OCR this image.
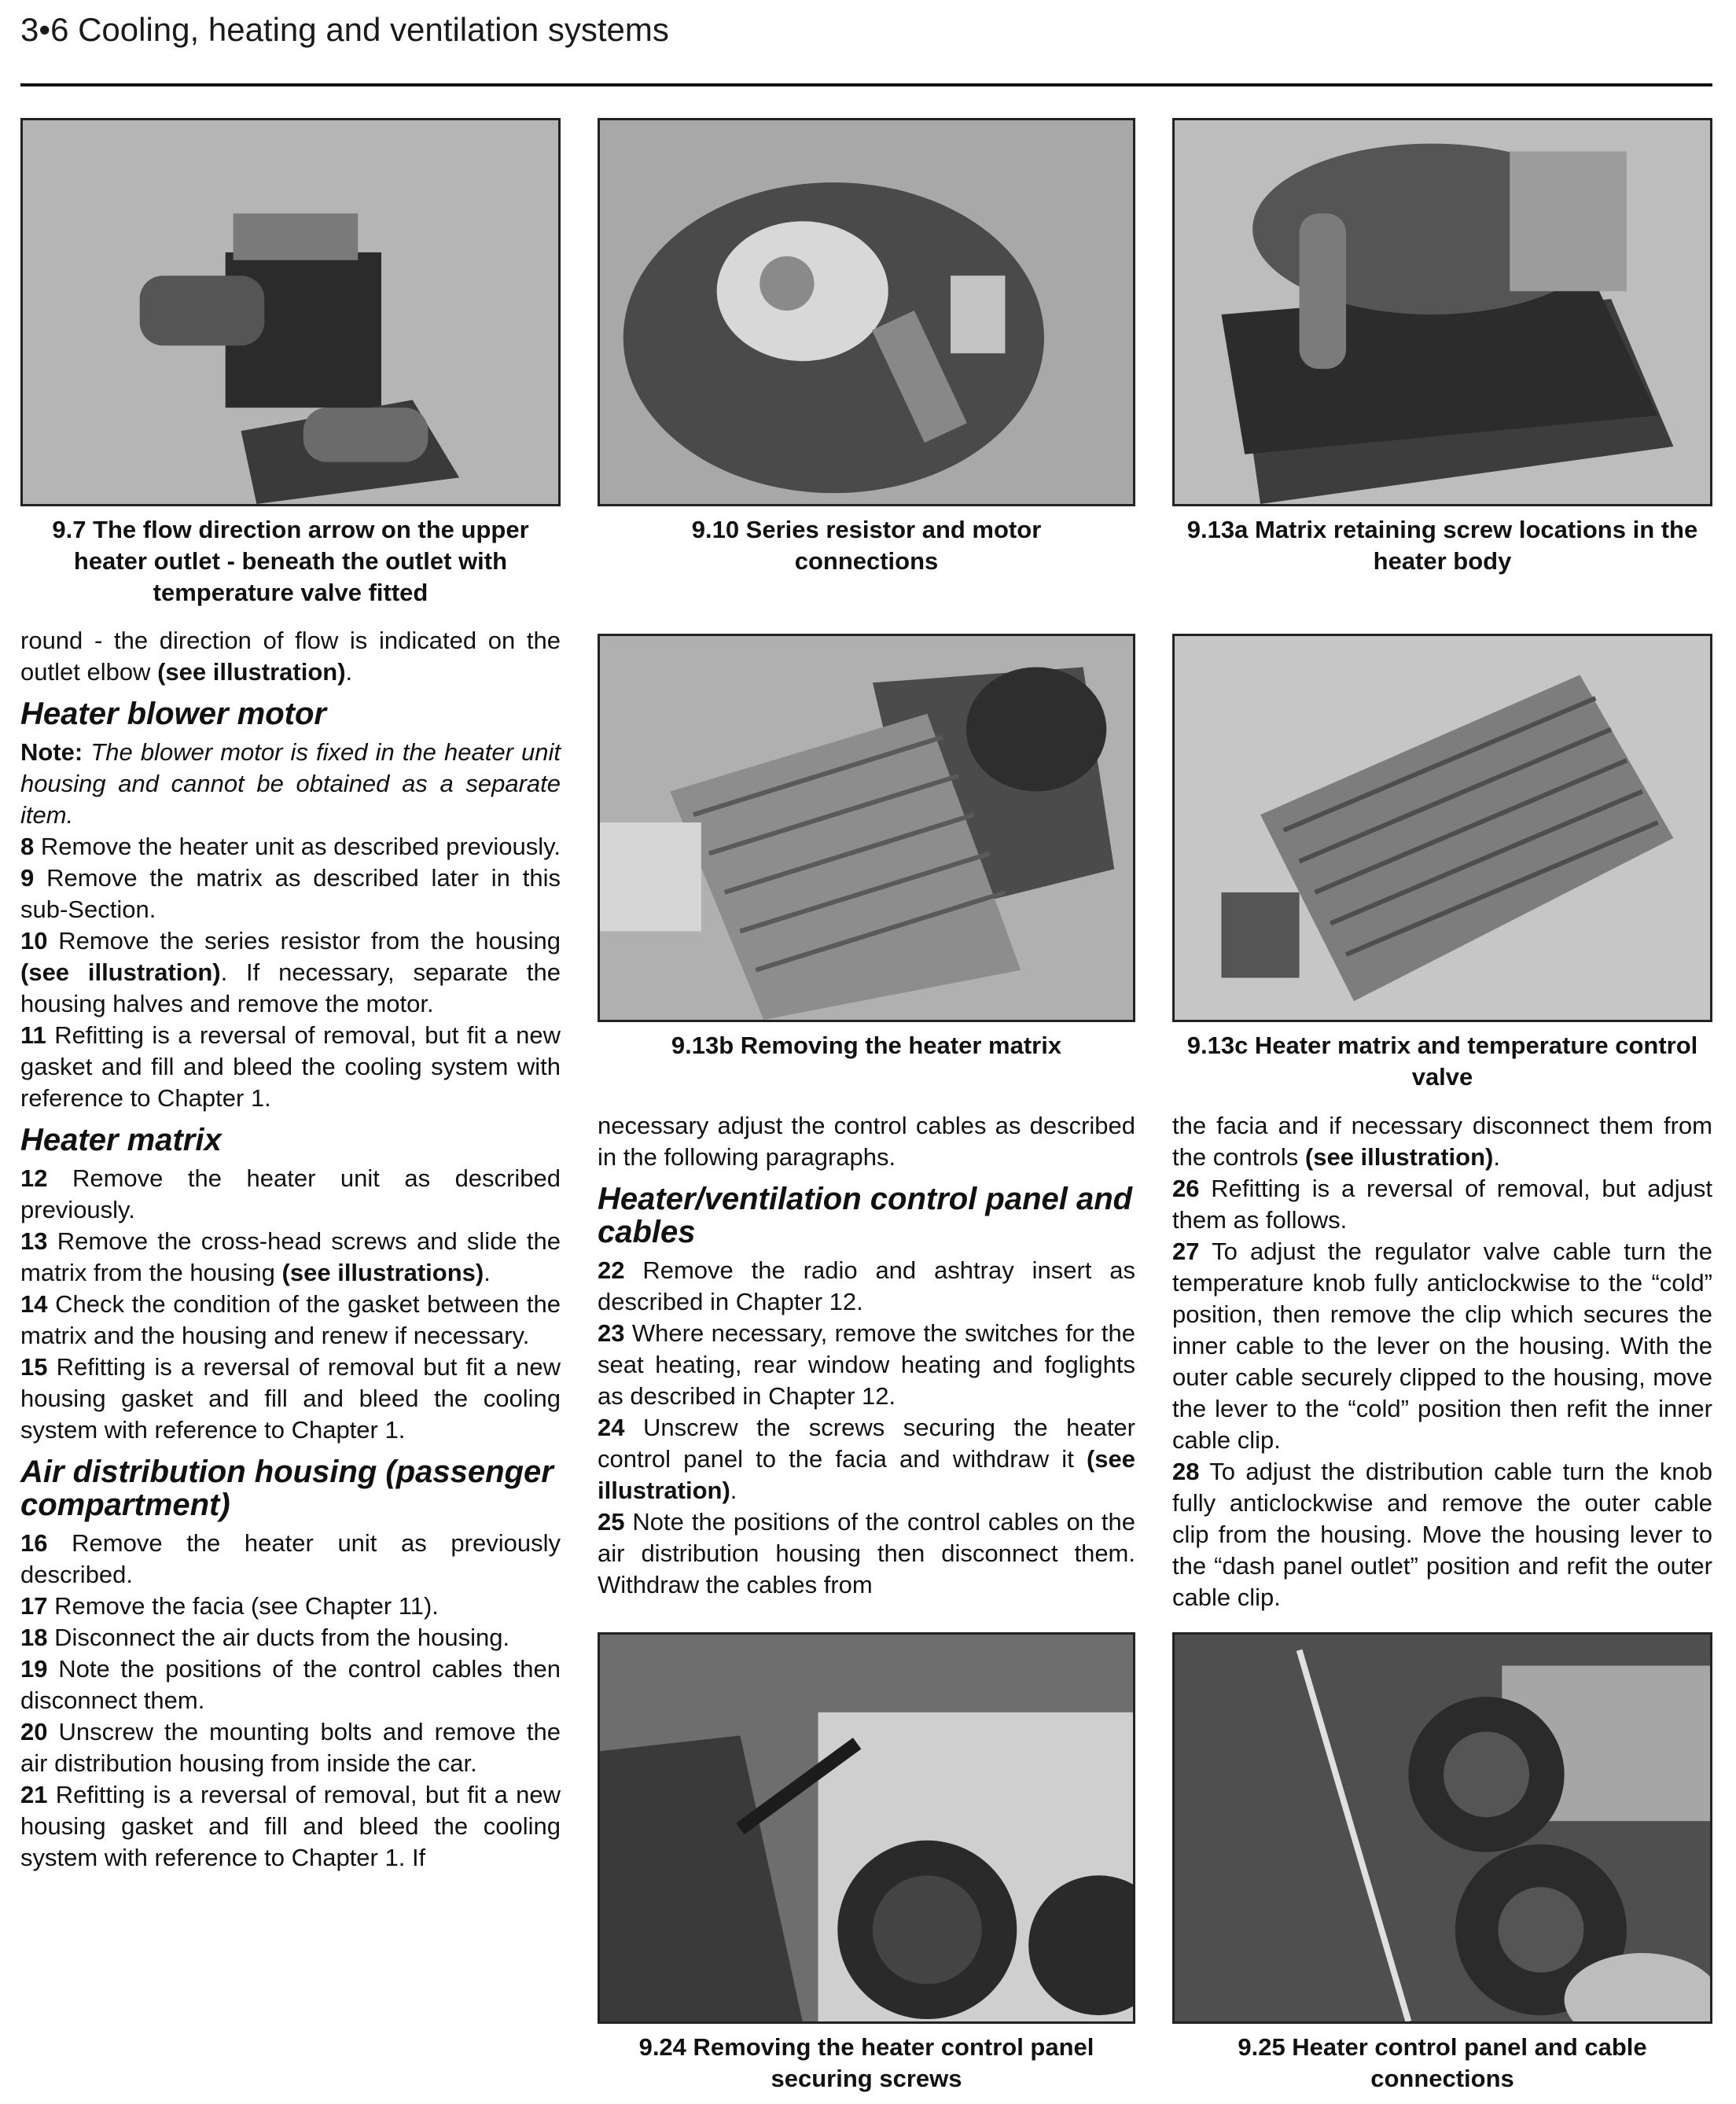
3•6 Cooling, heating and ventilation systems
9.7 The flow direction arrow on the upper heater outlet - beneath the outlet with temperature valve fitted
9.10 Series resistor and motor connections
9.13a Matrix retaining screw locations in the heater body
9.13b Removing the heater matrix	9.13c Heater matrix and temperature control valve
9.24 Removing the heater control panel securing screws
9.25 Heater control panel and cable connections

round - the direction of flow is indicated on the outlet elbow (see illustration).

Heater blower motor

Note: The blower motor is fixed in the heater unit housing and cannot be obtained as a separate item.

8 Remove the heater unit as described previously.

9 Remove the matrix as described later in this sub-Section.

10 Remove the series resistor from the housing (see illustration). If necessary, separate the housing halves and remove the motor.

11 Refitting is a reversal of removal, but fit a new gasket and fill and bleed the cooling system with reference to Chapter 1.

Heater matrix

12 Remove the heater unit as described previously.

13 Remove the cross-head screws and slide the matrix from the housing (see illustrations).

14 Check the condition of the gasket between the matrix and the housing and renew if necessary.

15 Refitting is a reversal of removal but fit a new housing gasket and fill and bleed the cooling system with reference to Chapter 1.

Air distribution housing (passenger compartment)

16 Remove the heater unit as previously described.

17 Remove the facia (see Chapter 11).

18 Disconnect the air ducts from the housing.

19 Note the positions of the control cables then disconnect them.

20 Unscrew the mounting bolts and remove the air distribution housing from inside the car.

21 Refitting is a reversal of removal, but fit a new housing gasket and fill and bleed the cooling system with reference to Chapter 1. If

necessary adjust the control cables as described in the following paragraphs.

Heater/ventilation control panel and cables

22 Remove the radio and ashtray insert as described in Chapter 12.

23 Where necessary, remove the switches for the seat heating, rear window heating and foglights as described in Chapter 12.

24 Unscrew the screws securing the heater control panel to the facia and withdraw it (see illustration).

25 Note the positions of the control cables on the air distribution housing then disconnect them. Withdraw the cables from

the facia and if necessary disconnect them from the controls (see illustration).

26 Refitting is a reversal of removal, but adjust them as follows.

27 To adjust the regulator valve cable turn the temperature knob fully anticlockwise to the “cold” position, then remove the clip which secures the inner cable to the lever on the housing. With the outer cable securely clipped to the housing, move the lever to the “cold” position then refit the inner cable clip.

28 To adjust the distribution cable turn the knob fully anticlockwise and remove the outer cable clip from the housing. Move the housing lever to the “dash panel outlet” position and refit the outer cable clip.
